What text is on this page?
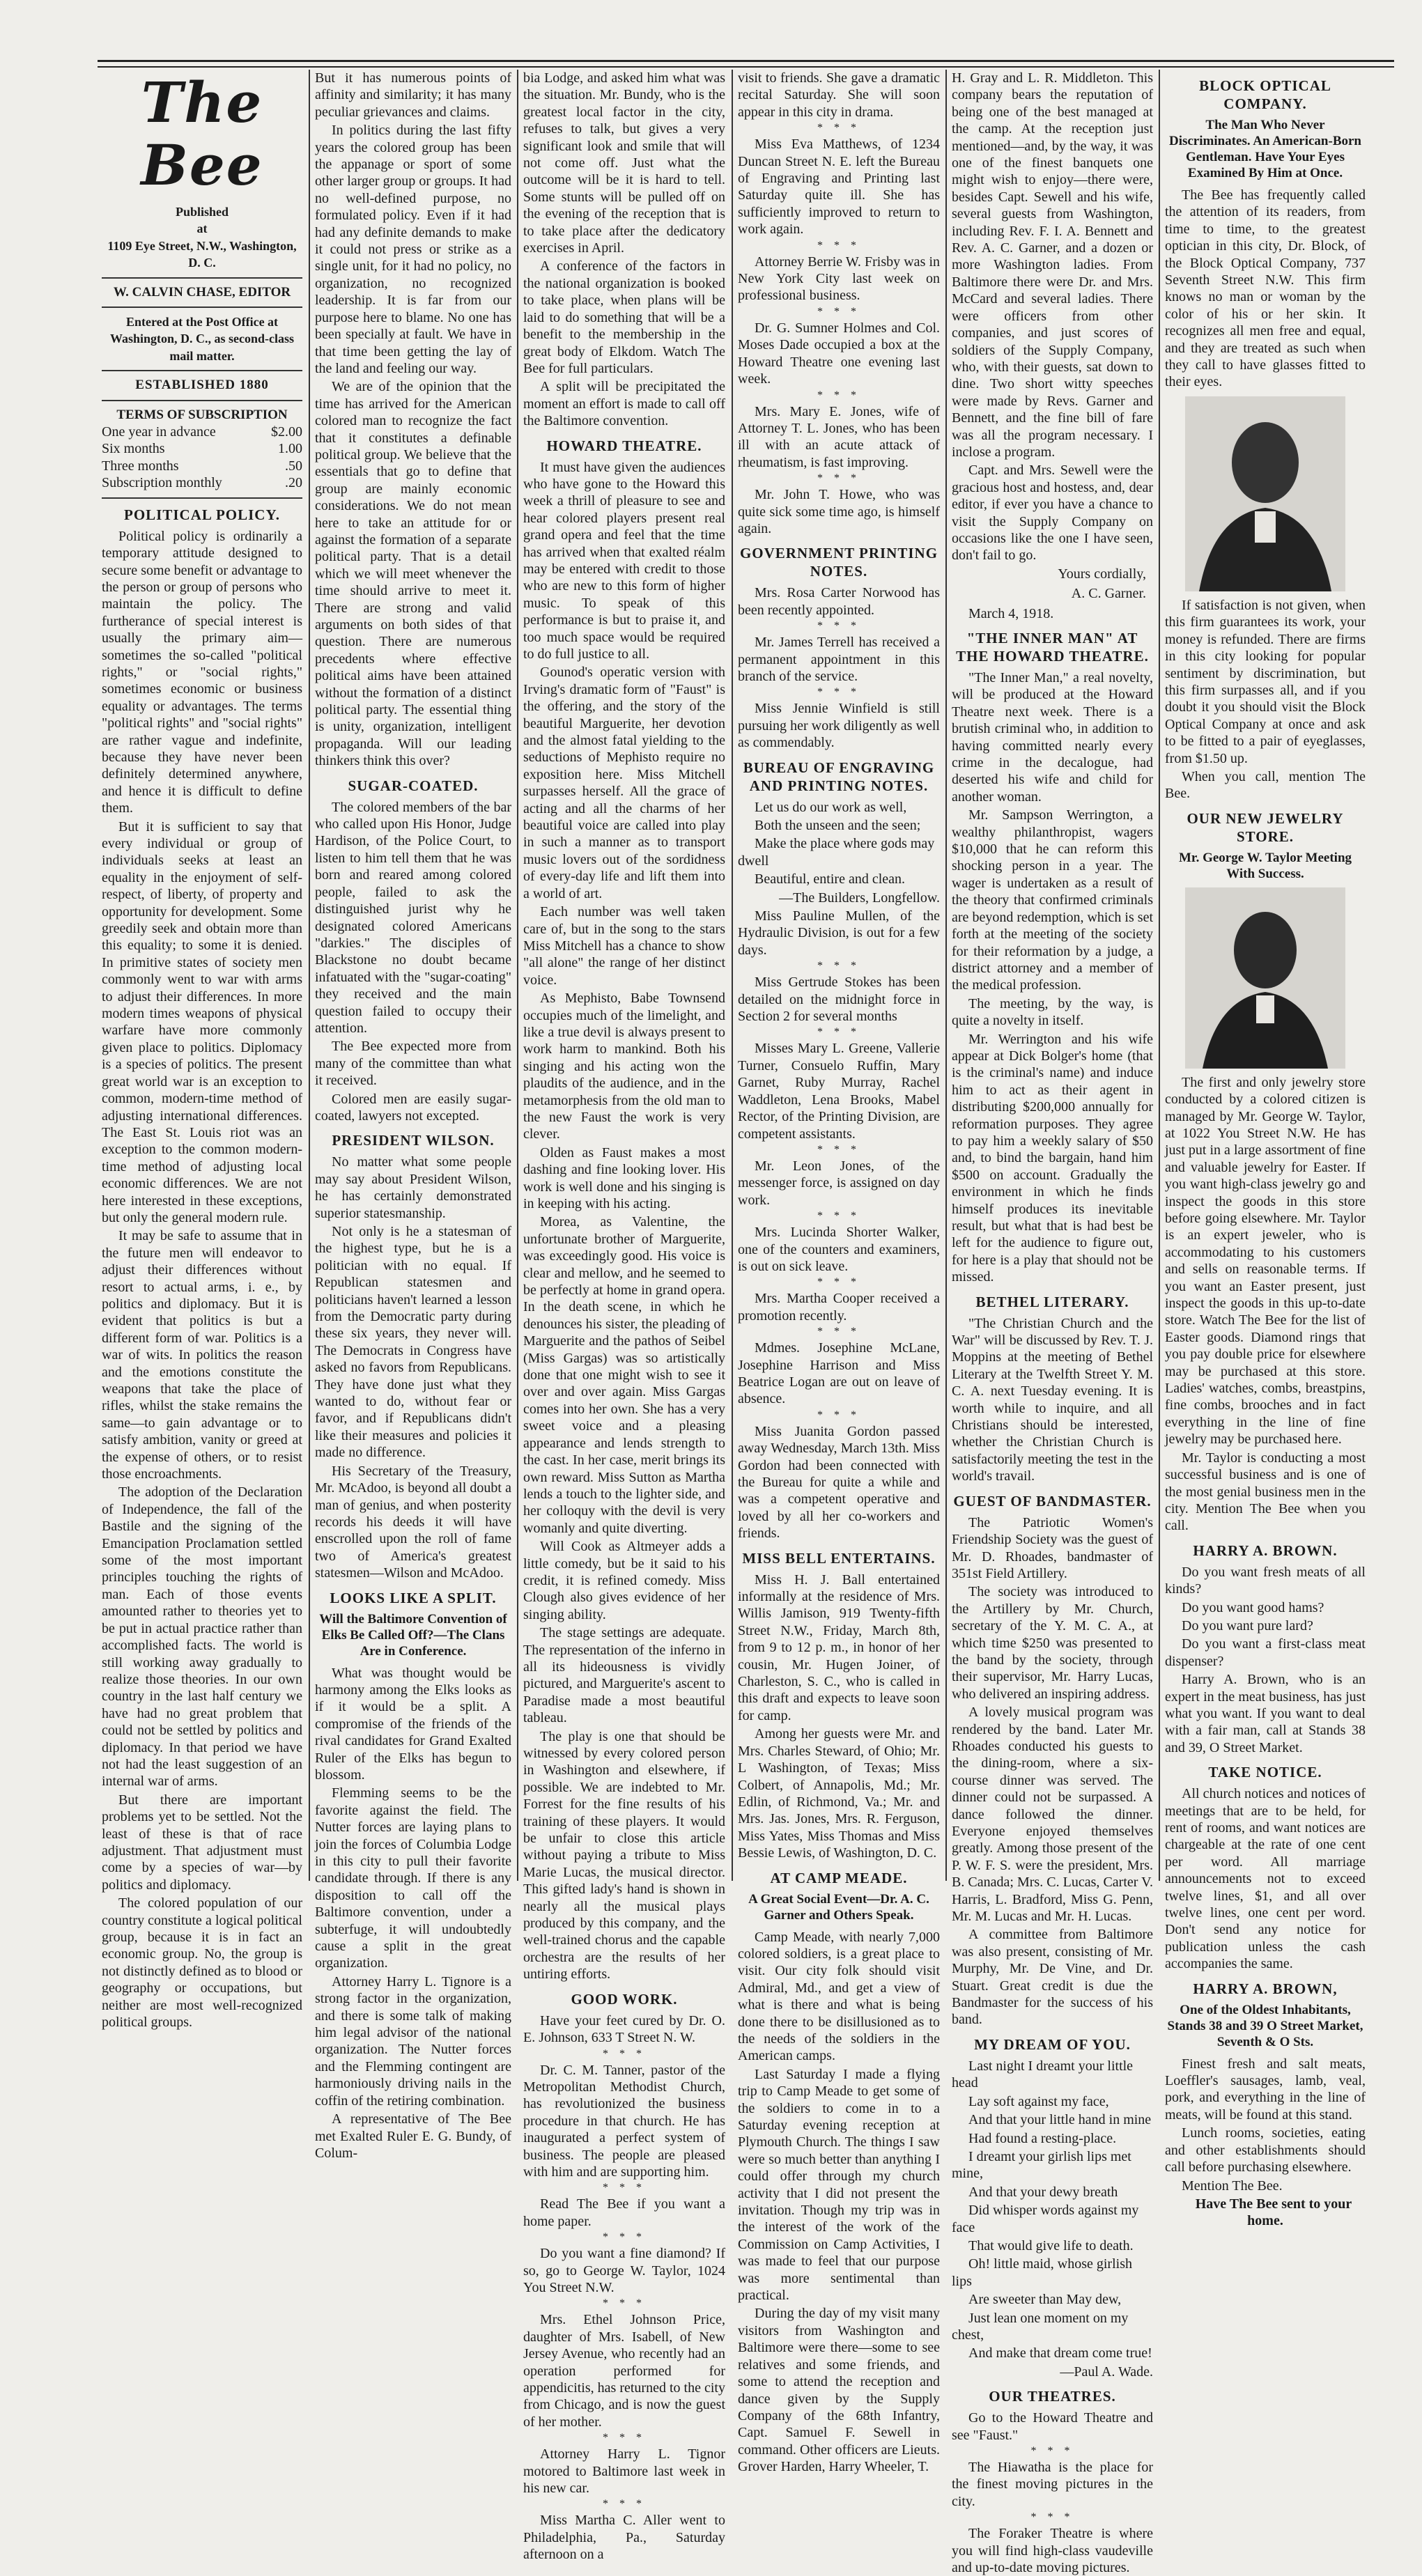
The Bee
Published
at
1109 Eye Street, N.W., Washington, D. C.
W. CALVIN CHASE, EDITOR
Entered at the Post Office at Washington, D. C., as second-class mail matter.
ESTABLISHED 1880
TERMS OF SUBSCRIPTION
One year in advance	$2.00
Six months	1.00
Three months	.50
Subscription monthly	.20
POLITICAL POLICY.

Political policy is ordinarily a temporary attitude designed to secure some benefit or advantage to the person or group of persons who maintain the policy. The furtherance of special interest is usually the primary aim—sometimes the so-called "political rights," or "social rights," sometimes economic or business equality or advantages. The terms "political rights" and "social rights" are rather vague and indefinite, because they have never been definitely determined anywhere, and hence it is difficult to define them.

But it is sufficient to say that every individual or group of individuals seeks at least an equality in the enjoyment of self-respect, of liberty, of property and opportunity for development. Some greedily seek and obtain more than this equality; to some it is denied. In primitive states of society men commonly went to war with arms to adjust their differences. In more modern times weapons of physical warfare have more commonly given place to politics. Diplomacy is a species of politics. The present great world war is an exception to common, modern-time method of adjusting international differences. The East St. Louis riot was an exception to the common modern-time method of adjusting local economic differences. We are not here interested in these exceptions, but only the general modern rule.

It may be safe to assume that in the future men will endeavor to adjust their differences without resort to actual arms, i. e., by politics and diplomacy. But it is evident that politics is but a different form of war. Politics is a war of wits. In politics the reason and the emotions constitute the weapons that take the place of rifles, whilst the stake remains the same—to gain advantage or to satisfy ambition, vanity or greed at the expense of others, or to resist those encroachments.

The adoption of the Declaration of Independence, the fall of the Bastile and the signing of the Emancipation Proclamation settled some of the most important principles touching the rights of man. Each of those events amounted rather to theories yet to be put in actual practice rather than accomplished facts. The world is still working away gradually to realize those theories. In our own country in the last half century we have had no great problem that could not be settled by politics and diplomacy. In that period we have not had the least suggestion of an internal war of arms.

But there are important problems yet to be settled. Not the least of these is that of race adjustment. That adjustment must come by a species of war—by politics and diplomacy.

The colored population of our country constitute a logical political group, because it is in fact an economic group. No, the group is not distinctly defined as to blood or geography or occupations, but neither are most well-recognized political groups.

But it has numerous points of affinity and similarity; it has many peculiar grievances and claims.

In politics during the last fifty years the colored group has been the appanage or sport of some other larger group or groups. It had no well-defined purpose, no formulated policy. Even if it had had any definite demands to make it could not press or strike as a single unit, for it had no policy, no organization, no recognized leadership. It is far from our purpose here to blame. No one has been specially at fault. We have in that time been getting the lay of the land and feeling our way.

We are of the opinion that the time has arrived for the American colored man to recognize the fact that it constitutes a definable political group. We believe that the essentials that go to define that group are mainly economic considerations. We do not mean here to take an attitude for or against the formation of a separate political party. That is a detail which we will meet whenever the time should arrive to meet it. There are strong and valid arguments on both sides of that question. There are numerous precedents where effective political aims have been attained without the formation of a distinct political party. The essential thing is unity, organization, intelligent propaganda. Will our leading thinkers think this over?

SUGAR-COATED.

The colored members of the bar who called upon His Honor, Judge Hardison, of the Police Court, to listen to him tell them that he was born and reared among colored people, failed to ask the distinguished jurist why he designated colored Americans "darkies." The disciples of Blackstone no doubt became infatuated with the "sugar-coating" they received and the main question failed to occupy their attention.

The Bee expected more from many of the committee than what it received.

Colored men are easily sugar-coated, lawyers not excepted.

PRESIDENT WILSON.

No matter what some people may say about President Wilson, he has certainly demonstrated superior statesmanship.

Not only is he a statesman of the highest type, but he is a politician with no equal. If Republican statesmen and politicians haven't learned a lesson from the Democratic party during these six years, they never will. The Democrats in Congress have asked no favors from Republicans. They have done just what they wanted to do, without fear or favor, and if Republicans didn't like their measures and policies it made no difference.

His Secretary of the Treasury, Mr. McAdoo, is beyond all doubt a man of genius, and when posterity records his deeds it will have enscrolled upon the roll of fame two of America's greatest statesmen—Wilson and McAdoo.

LOOKS LIKE A SPLIT.
Will the Baltimore Convention of Elks Be Called Off?—The Clans Are in Conference.

What was thought would be harmony among the Elks looks as if it would be a split. A compromise of the friends of the rival candidates for Grand Exalted Ruler of the Elks has begun to blossom.

Flemming seems to be the favorite against the field. The Nutter forces are laying plans to join the forces of Columbia Lodge in this city to pull their favorite candidate through. If there is any disposition to call off the Baltimore convention, under a subterfuge, it will undoubtedly cause a split in the great organization.

Attorney Harry L. Tignore is a strong factor in the organization, and there is some talk of making him legal advisor of the national organization. The Nutter forces and the Flemming contingent are harmoniously driving nails in the coffin of the retiring combination.

A representative of The Bee met Exalted Ruler E. G. Bundy, of Colum-

bia Lodge, and asked him what was the situation. Mr. Bundy, who is the greatest local factor in the city, refuses to talk, but gives a very significant look and smile that will not come off. Just what the outcome will be it is hard to tell. Some stunts will be pulled off on the evening of the reception that is to take place after the dedicatory exercises in April.

A conference of the factors in the national organization is booked to take place, when plans will be laid to do something that will be a benefit to the membership in the great body of Elkdom. Watch The Bee for full particulars.

A split will be precipitated the moment an effort is made to call off the Baltimore convention.

HOWARD THEATRE.

It must have given the audiences who have gone to the Howard this week a thrill of pleasure to see and hear colored players present real grand opera and feel that the time has arrived when that exalted réalm may be entered with credit to those who are new to this form of higher music. To speak of this performance is but to praise it, and too much space would be required to do full justice to all.

Gounod's operatic version with Irving's dramatic form of "Faust" is the offering, and the story of the beautiful Marguerite, her devotion and the almost fatal yielding to the seductions of Mephisto require no exposition here. Miss Mitchell surpasses herself. All the grace of acting and all the charms of her beautiful voice are called into play in such a manner as to transport music lovers out of the sordidness of every-day life and lift them into a world of art.

Each number was well taken care of, but in the song to the stars Miss Mitchell has a chance to show "all alone" the range of her distinct voice.

As Mephisto, Babe Townsend occupies much of the limelight, and like a true devil is always present to work harm to mankind. Both his singing and his acting won the plaudits of the audience, and in the metamorphesis from the old man to the new Faust the work is very clever.

Olden as Faust makes a most dashing and fine looking lover. His work is well done and his singing is in keeping with his acting.

Morea, as Valentine, the unfortunate brother of Marguerite, was exceedingly good. His voice is clear and mellow, and he seemed to be perfectly at home in grand opera. In the death scene, in which he denounces his sister, the pleading of Marguerite and the pathos of Seibel (Miss Gargas) was so artistically done that one might wish to see it over and over again. Miss Gargas comes into her own. She has a very sweet voice and a pleasing appearance and lends strength to the cast. In her case, merit brings its own reward. Miss Sutton as Martha lends a touch to the lighter side, and her colloquy with the devil is very womanly and quite diverting.

Will Cook as Altmeyer adds a little comedy, but be it said to his credit, it is refined comedy. Miss Clough also gives evidence of her singing ability.

The stage settings are adequate. The representation of the inferno in all its hideousness is vividly pictured, and Marguerite's ascent to Paradise made a most beautiful tableau.

The play is one that should be witnessed by every colored person in Washington and elsewhere, if possible. We are indebted to Mr. Forrest for the fine results of his training of these players. It would be unfair to close this article without paying a tribute to Miss Marie Lucas, the musical director. This gifted lady's hand is shown in nearly all the musical plays produced by this company, and the well-trained chorus and the capable orchestra are the results of her untiring efforts.

GOOD WORK.

Have your feet cured by Dr. O. E. Johnson, 633 T Street N. W.

* * *

Dr. C. M. Tanner, pastor of the Metropolitan Methodist Church, has revolutionized the business procedure in that church. He has inaugurated a perfect system of business. The people are pleased with him and are supporting him.

* * *

Read The Bee if you want a home paper.

* * *

Do you want a fine diamond? If so, go to George W. Taylor, 1024 You Street N.W.

* * *

Mrs. Ethel Johnson Price, daughter of Mrs. Isabell, of New Jersey Avenue, who recently had an operation performed for appendicitis, has returned to the city from Chicago, and is now the guest of her mother.

* * *

Attorney Harry L. Tignor motored to Baltimore last week in his new car.

* * *

Miss Martha C. Aller went to Philadelphia, Pa., Saturday afternoon on a

visit to friends. She gave a dramatic recital Saturday. She will soon appear in this city in drama.

* * *

Miss Eva Matthews, of 1234 Duncan Street N. E. left the Bureau of Engraving and Printing last Saturday quite ill. She has sufficiently improved to return to work again.

* * *

Attorney Berrie W. Frisby was in New York City last week on professional business.

* * *

Dr. G. Sumner Holmes and Col. Moses Dade occupied a box at the Howard Theatre one evening last week.

* * *

Mrs. Mary E. Jones, wife of Attorney T. L. Jones, who has been ill with an acute attack of rheumatism, is fast improving.

* * *

Mr. John T. Howe, who was quite sick some time ago, is himself again.

GOVERNMENT PRINTING NOTES.

Mrs. Rosa Carter Norwood has been recently appointed.

* * *

Mr. James Terrell has received a permanent appointment in this branch of the service.

* * *

Miss Jennie Winfield is still pursuing her work diligently as well as commendably.

BUREAU OF ENGRAVING AND PRINTING NOTES.

Let us do our work as well,

Both the unseen and the seen;

Make the place where gods may dwell

Beautiful, entire and clean.

—The Builders, Longfellow.

Miss Pauline Mullen, of the Hydraulic Division, is out for a few days.

* * *

Miss Gertrude Stokes has been detailed on the midnight force in Section 2 for several months

* * *

Misses Mary L. Greene, Vallerie Turner, Consuelo Ruffin, Mary Garnet, Ruby Murray, Rachel Waddleton, Lena Brooks, Mabel Rector, of the Printing Division, are competent assistants.

* * *

Mr. Leon Jones, of the messenger force, is assigned on day work.

* * *

Mrs. Lucinda Shorter Walker, one of the counters and examiners, is out on sick leave.

* * *

Mrs. Martha Cooper received a promotion recently.

* * *

Mdmes. Josephine McLane, Josephine Harrison and Miss Beatrice Logan are out on leave of absence.

* * *

Miss Juanita Gordon passed away Wednesday, March 13th. Miss Gordon had been connected with the Bureau for quite a while and was a competent operative and loved by all her co-workers and friends.

MISS BELL ENTERTAINS.

Miss H. J. Ball entertained informally at the residence of Mrs. Willis Jamison, 919 Twenty-fifth Street N.W., Friday, March 8th, from 9 to 12 p. m., in honor of her cousin, Mr. Hugen Joiner, of Charleston, S. C., who is called in this draft and expects to leave soon for camp.

Among her guests were Mr. and Mrs. Charles Steward, of Ohio; Mr. L Washington, of Texas; Miss Colbert, of Annapolis, Md.; Mr. Edlin, of Richmond, Va.; Mr. and Mrs. Jas. Jones, Mrs. R. Ferguson, Miss Yates, Miss Thomas and Miss Bessie Lewis, of Washington, D. C.

AT CAMP MEADE.
A Great Social Event—Dr. A. C. Garner and Others Speak.

Camp Meade, with nearly 7,000 colored soldiers, is a great place to visit. Our city folk should visit Admiral, Md., and get a view of what is there and what is being done there to be disillusioned as to the needs of the soldiers in the American camps.

Last Saturday I made a flying trip to Camp Meade to get some of the soldiers to come in to a Saturday evening reception at Plymouth Church. The things I saw were so much better than anything I could offer through my church activity that I did not present the invitation. Though my trip was in the interest of the work of the Commission on Camp Activities, I was made to feel that our purpose was more sentimental than practical.

During the day of my visit many visitors from Washington and Baltimore were there—some to see relatives and some friends, and some to attend the reception and dance given by the Supply Company of the 68th Infantry, Capt. Samuel F. Sewell in command. Other officers are Lieuts. Grover Harden, Harry Wheeler, T.

H. Gray and L. R. Middleton. This company bears the reputation of being one of the best managed at the camp. At the reception just mentioned—and, by the way, it was one of the finest banquets one might wish to enjoy—there were, besides Capt. Sewell and his wife, several guests from Washington, including Rev. F. I. A. Bennett and Rev. A. C. Garner, and a dozen or more Washington ladies. From Baltimore there were Dr. and Mrs. McCard and several ladies. There were officers from other companies, and just scores of soldiers of the Supply Company, who, with their guests, sat down to dine. Two short witty speeches were made by Revs. Garner and Bennett, and the fine bill of fare was all the program necessary. I inclose a program.

Capt. and Mrs. Sewell were the gracious host and hostess, and, dear editor, if ever you have a chance to visit the Supply Company on occasions like the one I have seen, don't fail to go.

Yours cordially,
A. C. Garner.

March 4, 1918.

"THE INNER MAN" AT THE HOWARD THEATRE.

"The Inner Man," a real novelty, will be produced at the Howard Theatre next week. There is a brutish criminal who, in addition to having committed nearly every crime in the decalogue, had deserted his wife and child for another woman.

Mr. Sampson Werrington, a wealthy philanthropist, wagers $10,000 that he can reform this shocking person in a year. The wager is undertaken as a result of the theory that confirmed criminals are beyond redemption, which is set forth at the meeting of the society for their reformation by a judge, a district attorney and a member of the medical profession.

The meeting, by the way, is quite a novelty in itself.

Mr. Werrington and his wife appear at Dick Bolger's home (that is the criminal's name) and induce him to act as their agent in distributing $200,000 annually for reformation purposes. They agree to pay him a weekly salary of $50 and, to bind the bargain, hand him $500 on account. Gradually the environment in which he finds himself produces its inevitable result, but what that is had best be left for the audience to figure out, for here is a play that should not be missed.

BETHEL LITERARY.

"The Christian Church and the War" will be discussed by Rev. T. J. Moppins at the meeting of Bethel Literary at the Twelfth Street Y. M. C. A. next Tuesday evening. It is worth while to inquire, and all Christians should be interested, whether the Christian Church is satisfactorily meeting the test in the world's travail.

GUEST OF BANDMASTER.

The Patriotic Women's Friendship Society was the guest of Mr. D. Rhoades, bandmaster of 351st Field Artillery.

The society was introduced to the Artillery by Mr. Church, secretary of the Y. M. C. A., at which time $250 was presented to the band by the society, through their supervisor, Mr. Harry Lucas, who delivered an inspiring address.

A lovely musical program was rendered by the band. Later Mr. Rhoades conducted his guests to the dining-room, where a six-course dinner was served. The dinner could not be surpassed. A dance followed the dinner. Everyone enjoyed themselves greatly. Among those present of the P. W. F. S. were the president, Mrs. B. Canada; Mrs. C. Lucas, Carter V. Harris, L. Bradford, Miss G. Penn, Mr. M. Lucas and Mr. H. Lucas.

A committee from Baltimore was also present, consisting of Mr. Murphy, Mr. De Vine, and Dr. Stuart. Great credit is due the Bandmaster for the success of his band.

MY DREAM OF YOU.

Last night I dreamt your little head

Lay soft against my face,

And that your little hand in mine

Had found a resting-place.

I dreamt your girlish lips met mine,

And that your dewy breath

Did whisper words against my face

That would give life to death.

Oh! little maid, whose girlish lips

Are sweeter than May dew,

Just lean one moment on my chest,

And make that dream come true!

—Paul A. Wade.

OUR THEATRES.

Go to the Howard Theatre and see "Faust."

* * *

The Hiawatha is the place for the finest moving pictures in the city.

* * *

The Foraker Theatre is where you will find high-class vaudeville and up-to-date moving pictures.

BLOCK OPTICAL COMPANY.
The Man Who Never Discriminates. An American-Born Gentleman. Have Your Eyes Examined By Him at Once.

The Bee has frequently called the attention of its readers, from time to time, to the greatest optician in this city, Dr. Block, of the Block Optical Company, 737 Seventh Street N.W. This firm knows no man or woman by the color of his or her skin. It recognizes all men free and equal, and they are treated as such when they call to have glasses fitted to their eyes.

If satisfaction is not given, when this firm guarantees its work, your money is refunded. There are firms in this city looking for popular sentiment by discrimination, but this firm surpasses all, and if you doubt it you should visit the Block Optical Company at once and ask to be fitted to a pair of eyeglasses, from $1.50 up.

When you call, mention The Bee.

OUR NEW JEWELRY STORE.
Mr. George W. Taylor Meeting With Success.

The first and only jewelry store conducted by a colored citizen is managed by Mr. George W. Taylor, at 1022 You Street N.W. He has just put in a large assortment of fine and valuable jewelry for Easter. If you want high-class jewelry go and inspect the goods in this store before going elsewhere. Mr. Taylor is an expert jeweler, who is accommodating to his customers and sells on reasonable terms. If you want an Easter present, just inspect the goods in this up-to-date store. Watch The Bee for the list of Easter goods. Diamond rings that you pay double price for elsewhere may be purchased at this store. Ladies' watches, combs, breastpins, fine combs, brooches and in fact everything in the line of fine jewelry may be purchased here.

Mr. Taylor is conducting a most successful business and is one of the most genial business men in the city. Mention The Bee when you call.

HARRY A. BROWN.

Do you want fresh meats of all kinds?

Do you want good hams?

Do you want pure lard?

Do you want a first-class meat dispenser?

Harry A. Brown, who is an expert in the meat business, has just what you want. If you want to deal with a fair man, call at Stands 38 and 39, O Street Market.

TAKE NOTICE.

All church notices and notices of meetings that are to be held, for rent of rooms, and want notices are chargeable at the rate of one cent per word. All marriage announcements not to exceed twelve lines, $1, and all over twelve lines, one cent per word. Don't send any notice for publication unless the cash accompanies the same.

HARRY A. BROWN,
One of the Oldest Inhabitants, Stands 38 and 39 O Street Market, Seventh & O Sts.

Finest fresh and salt meats, Loeffler's sausages, lamb, veal, pork, and everything in the line of meats, will be found at this stand.

Lunch rooms, societies, eating and other establishments should call before purchasing elsewhere.

Mention The Bee.

Have The Bee sent to your home.
